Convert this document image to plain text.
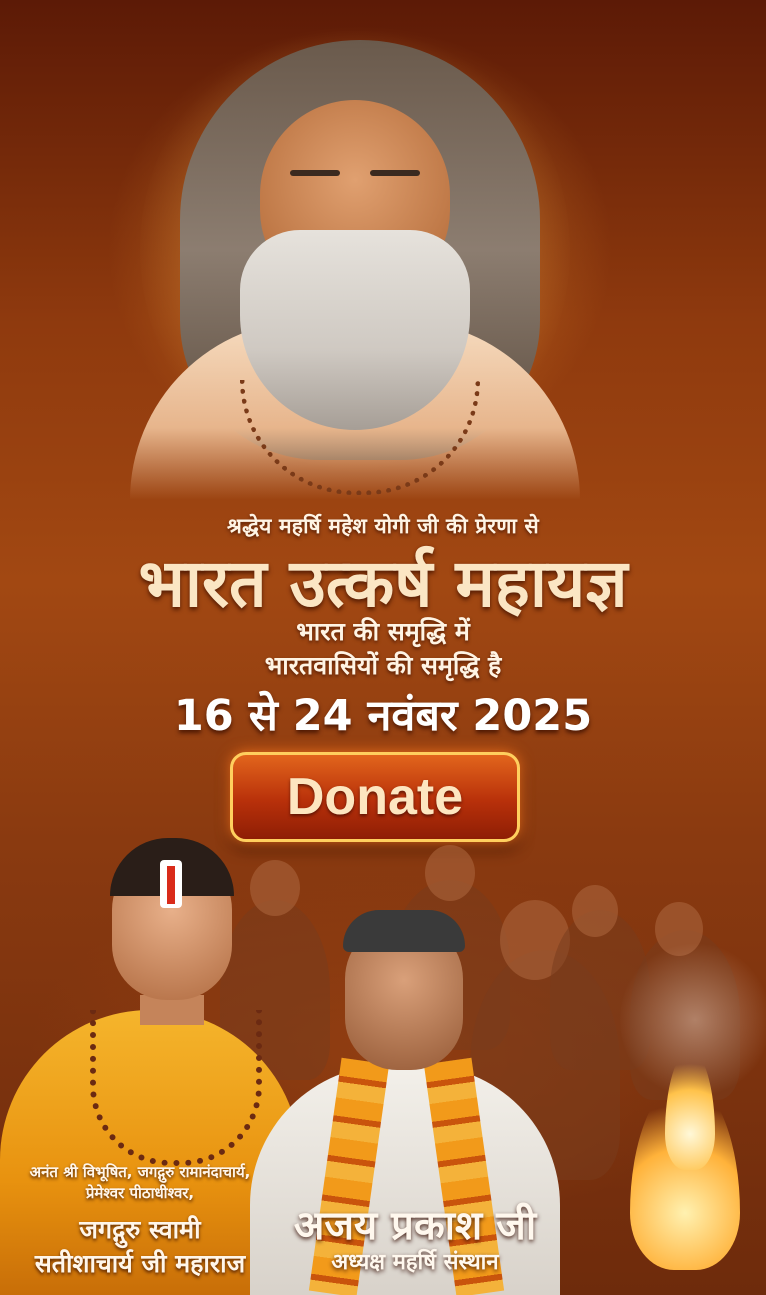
श्रद्धेय महर्षि महेश योगी जी की प्रेरणा से
भारत उत्कर्ष महायज्ञ
भारत की समृद्धि में
भारतवासियों की समृद्धि है
16 से 24 नवंबर 2025
Donate
अनंत श्री विभूषित, जगद्गुरु रामानंदाचार्य,
प्रेमेश्वर पीठाधीश्वर,
जगद्गुरु स्वामी
सतीशाचार्य जी महाराज
अजय प्रकाश जी
अध्यक्ष महर्षि संस्थान
